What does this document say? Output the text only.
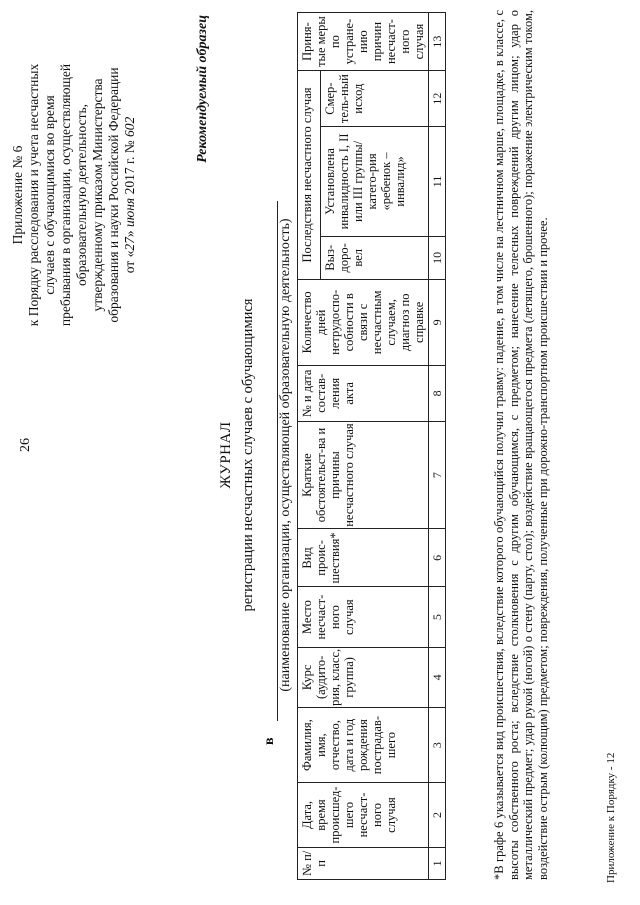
26
Приложение № 6 к Порядку расследования и учета несчастных случаев с обучающимися во время пребывания в организации, осуществляющей образовательную деятельность, утвержденному приказом Министерства образования и науки Российской Федерации от «27» июня 2017 г. № 602	Рекомендуемый образец
ЖУРНАЛ регистрации несчастных случаев с обучающимися
в
(наименование организации, осуществляющей образовательную деятельность)
№ п/п	Дата, время происшед-шего несчаст-ного случая	Фамилия, имя, отчество, дата и год рождения пострадав-шего	Курс (аудито-рия, класс, группа)	Место несчаст-ного случая	Вид проис-шествия*	Краткие обстоятельст-ва и причины несчастного случая	№ и дата состав-ления акта	Количество дней нетрудоспо-собности в связи с несчастным случаем, диагноз по справке	Последствия несчастного случая			Приня-тые меры по устране-нию причин несчаст-ного случая
									Выз-доро-вел	Установлена инвалидность I, II или III группы/катего-рия «ребенок –инвалид»	Смер-тель-ный исход	
1	2	3	4	5	6	7	8	9	10	11	12	13	*В графе 6 указывается вид происшествия, вследствие которого обучающийся получил травму: падение, в том числе на лестничном марше, площадке, в классе, с высоты собственного роста; вследствие столкновения с другим обучающимся, с предметом; нанесение телесных повреждений другим лицом; удар о металлический предмет; удар рукой (ногой) о стену (парту, стол); воздействие вращающегося предмета (летящего, брошенного); поражение электрическим током, воздействие острым (колющим) предметом; повреждения, полученные при дорожно-транспортном происшествии и прочее.	Приложение к Порядку - 12
